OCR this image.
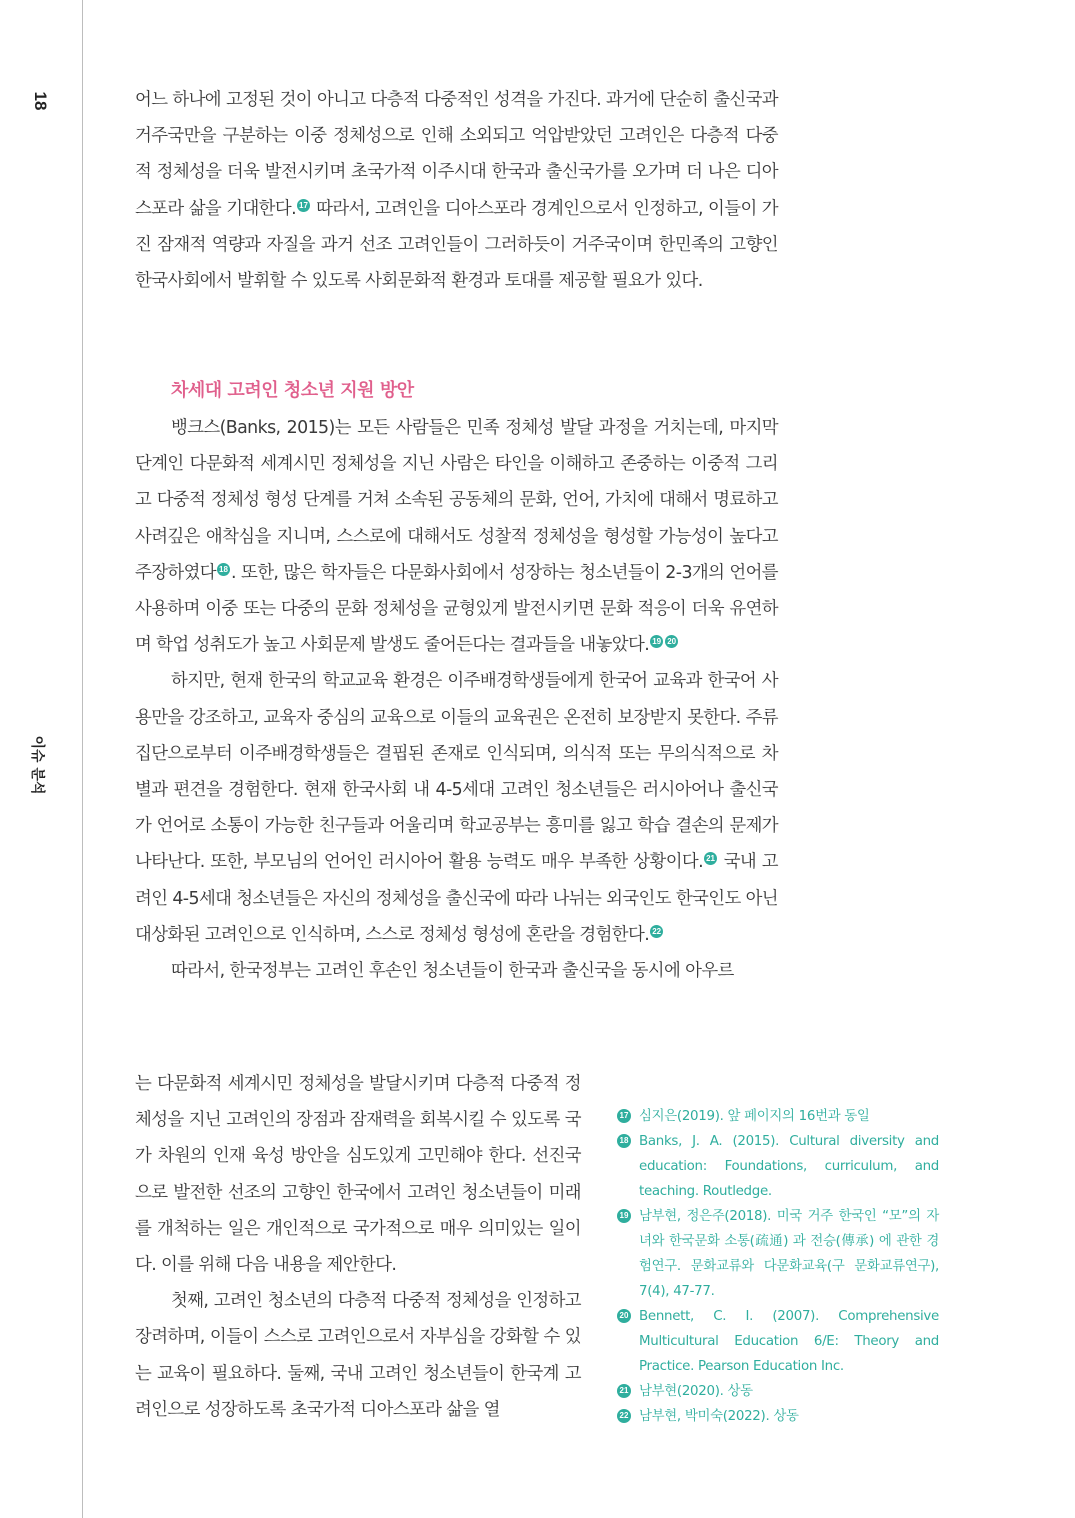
18
이슈 분석

어느 하나에 고정된 것이 아니고 다층적 다중적인 성격을 가진다. 과거에 단순히 출신국과 거주국만을 구분하는 이중 정체성으로 인해 소외되고 억압받았던 고려인은 다층적 다중적 정체성을 더욱 발전시키며 초국가적 이주시대 한국과 출신국가를 오가며 더 나은 디아스포라 삶을 기대한다. 17 따라서, 고려인을 디아스포라 경계인으로서 인정하고, 이들이 가진 잠재적 역량과 자질을 과거 선조 고려인들이 그러하듯이 거주국이며 한민족의 고향인 한국사회에서 발휘할 수 있도록 사회문화적 환경과 토대를 제공할 필요가 있다.

차세대 고려인 청소년 지원 방안

뱅크스(Banks, 2015)는 모든 사람들은 민족 정체성 발달 과정을 거치는데, 마지막 단계인 다문화적 세계시민 정체성을 지닌 사람은 타인을 이해하고 존중하는 이중적 그리고 다중적 정체성 형성 단계를 거쳐 소속된 공동체의 문화, 언어, 가치에 대해서 명료하고 사려깊은 애착심을 지니며, 스스로에 대해서도 성찰적 정체성을 형성할 가능성이 높다고 주장하였다 18 . 또한, 많은 학자들은 다문화사회에서 성장하는 청소년들이 2-3개의 언어를 사용하며 이중 또는 다중의 문화 정체성을 균형있게 발전시키면 문화 적응이 더욱 유연하며 학업 성취도가 높고 사회문제 발생도 줄어든다는 결과들을 내놓았다. 19 20

하지만, 현재 한국의 학교교육 환경은 이주배경학생들에게 한국어 교육과 한국어 사용만을 강조하고, 교육자 중심의 교육으로 이들의 교육권은 온전히 보장받지 못한다. 주류집단으로부터 이주배경학생들은 결핍된 존재로 인식되며, 의식적 또는 무의식적으로 차별과 편견을 경험한다. 현재 한국사회 내 4-5세대 고려인 청소년들은 러시아어나 출신국가 언어로 소통이 가능한 친구들과 어울리며 학교공부는 흥미를 잃고 학습 결손의 문제가 나타난다. 또한, 부모님의 언어인 러시아어 활용 능력도 매우 부족한 상황이다. 21 국내 고려인 4-5세대 청소년들은 자신의 정체성을 출신국에 따라 나뉘는 외국인도 한국인도 아닌 대상화된 고려인으로 인식하며, 스스로 정체성 형성에 혼란을 경험한다. 22

따라서, 한국정부는 고려인 후손인 청소년들이 한국과 출신국을 동시에 아우르

는 다문화적 세계시민 정체성을 발달시키며 다층적 다중적 정체성을 지닌 고려인의 장점과 잠재력을 회복시킬 수 있도록 국가 차원의 인재 육성 방안을 심도있게 고민해야 한다. 선진국으로 발전한 선조의 고향인 한국에서 고려인 청소년들이 미래를 개척하는 일은 개인적으로 국가적으로 매우 의미있는 일이다. 이를 위해 다음 내용을 제안한다.

첫째, 고려인 청소년의 다층적 다중적 정체성을 인정하고 장려하며, 이들이 스스로 고려인으로서 자부심을 강화할 수 있는 교육이 필요하다. 둘째, 국내 고려인 청소년들이 한국계 고려인으로 성장하도록 초국가적 디아스포라 삶을 열

17 심지은(2019). 앞 페이지의 16번과 동일
18 Banks, J. A. (2015). Cultural diversity and education: Foundations, curriculum, and teaching. Routledge.
19 남부현, 정은주(2018). 미국 거주 한국인 “모”의 자녀와 한국문화 소통(疏通) 과 전승(傳承) 에 관한 경험연구. 문화교류와 다문화교육(구 문화교류연구), 7(4), 47-77.
20 Bennett, C. I. (2007). Comprehensive Multicultural Education 6/E: Theory and Practice. Pearson Education Inc.
21 남부현(2020). 상동
22 남부현, 박미숙(2022). 상동
